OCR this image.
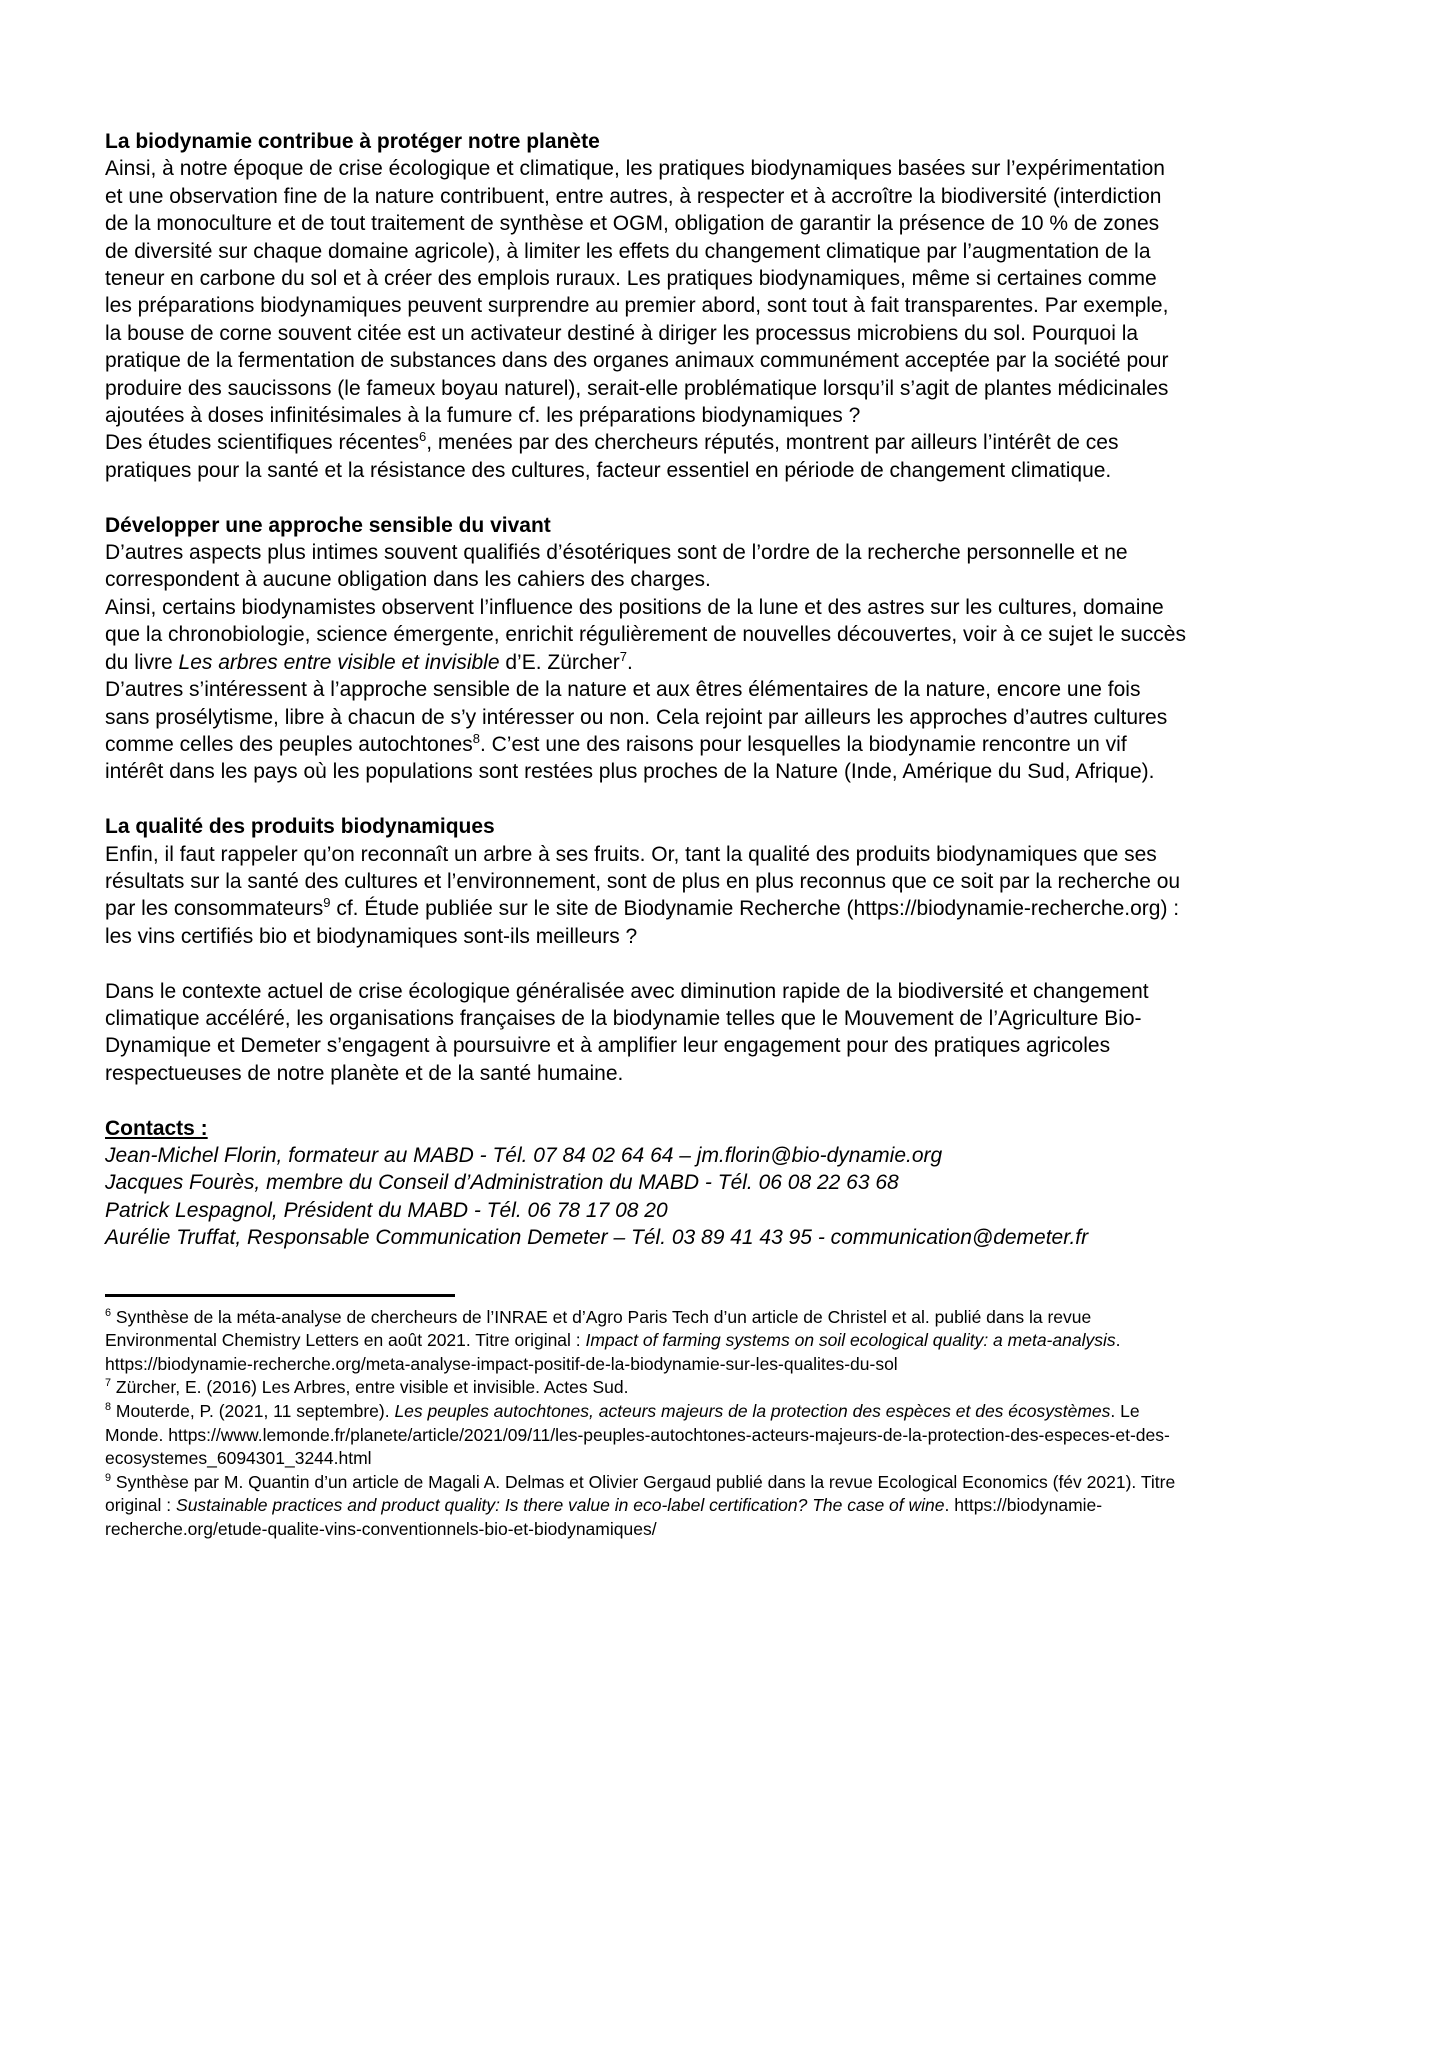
La biodynamie contribue à protéger notre planète

Ainsi, à notre époque de crise écologique et climatique, les pratiques biodynamiques basées sur l’expérimentation et une observation fine de la nature contribuent, entre autres, à respecter et à accroître la biodiversité (interdiction de la monoculture et de tout traitement de synthèse et OGM, obligation de garantir la présence de 10 % de zones de diversité sur chaque domaine agricole), à limiter les effets du changement climatique par l’augmentation de la teneur en carbone du sol et à créer des emplois ruraux. Les pratiques biodynamiques, même si certaines comme les préparations biodynamiques peuvent surprendre au premier abord, sont tout à fait transparentes. Par exemple, la bouse de corne souvent citée est un activateur destiné à diriger les processus microbiens du sol. Pourquoi la pratique de la fermentation de substances dans des organes animaux communément acceptée par la société pour produire des saucissons (le fameux boyau naturel), serait-elle problématique lorsqu’il s’agit de plantes médicinales ajoutées à doses infinitésimales à la fumure cf. les préparations biodynamiques ?

Des études scientifiques récentes$^6$, menées par des chercheurs réputés, montrent par ailleurs l’intérêt de ces pratiques pour la santé et la résistance des cultures, facteur essentiel en période de changement climatique.

Développer une approche sensible du vivant

D’autres aspects plus intimes souvent qualifiés d’ésotériques sont de l’ordre de la recherche personnelle et ne correspondent à aucune obligation dans les cahiers des charges.

Ainsi, certains biodynamistes observent l’influence des positions de la lune et des astres sur les cultures, domaine que la chronobiologie, science émergente, enrichit régulièrement de nouvelles découvertes, voir à ce sujet le succès du livre Les arbres entre visible et invisible d’E. Zürcher$^7$.

D’autres s’intéressent à l’approche sensible de la nature et aux êtres élémentaires de la nature, encore une fois sans prosélytisme, libre à chacun de s’y intéresser ou non. Cela rejoint par ailleurs les approches d’autres cultures comme celles des peuples autochtones$^8$. C’est une des raisons pour lesquelles la biodynamie rencontre un vif intérêt dans les pays où les populations sont restées plus proches de la Nature (Inde, Amérique du Sud, Afrique).

La qualité des produits biodynamiques

Enfin, il faut rappeler qu’on reconnaît un arbre à ses fruits. Or, tant la qualité des produits biodynamiques que ses résultats sur la santé des cultures et l’environnement, sont de plus en plus reconnus que ce soit par la recherche ou par les consommateurs$^9$ cf. Étude publiée sur le site de Biodynamie Recherche (https://biodynamie-recherche.org) : les vins certifiés bio et biodynamiques sont-ils meilleurs ?

Dans le contexte actuel de crise écologique généralisée avec diminution rapide de la biodiversité et changement climatique accéléré, les organisations françaises de la biodynamie telles que le Mouvement de l’Agriculture Bio-Dynamique et Demeter s’engagent à poursuivre et à amplifier leur engagement pour des pratiques agricoles respectueuses de notre planète et de la santé humaine.

Contacts :

Jean-Michel Florin, formateur au MABD - Tél. 07 84 02 64 64 – jm.florin@bio-dynamie.org

Jacques Fourès, membre du Conseil d’Administration du MABD - Tél. 06 08 22 63 68

Patrick Lespagnol, Président du MABD - Tél. 06 78 17 08 20

Aurélie Truffat, Responsable Communication Demeter – Tél. 03 89 41 43 95 - communication@demeter.fr

$^6$ Synthèse de la méta-analyse de chercheurs de l’INRAE et d’Agro Paris Tech d’un article de Christel et al. publié dans la revue Environmental Chemistry Letters en août 2021. Titre original : Impact of farming systems on soil ecological quality: a meta-analysis. https://biodynamie-recherche.org/meta-analyse-impact-positif-de-la-biodynamie-sur-les-qualites-du-sol

$^7$ Zürcher, E. (2016) Les Arbres, entre visible et invisible. Actes Sud.

$^8$ Mouterde, P. (2021, 11 septembre). Les peuples autochtones, acteurs majeurs de la protection des espèces et des écosystèmes. Le Monde. https://www.lemonde.fr/planete/article/2021/09/11/les-peuples-autochtones-acteurs-majeurs-de-la-protection-des-especes-et-des-ecosystemes_6094301_3244.html

$^9$ Synthèse par M. Quantin d’un article de Magali A. Delmas et Olivier Gergaud publié dans la revue Ecological Economics (fév 2021). Titre original : Sustainable practices and product quality: Is there value in eco-label certification? The case of wine. https://biodynamie-recherche.org/etude-qualite-vins-conventionnels-bio-et-biodynamiques/
